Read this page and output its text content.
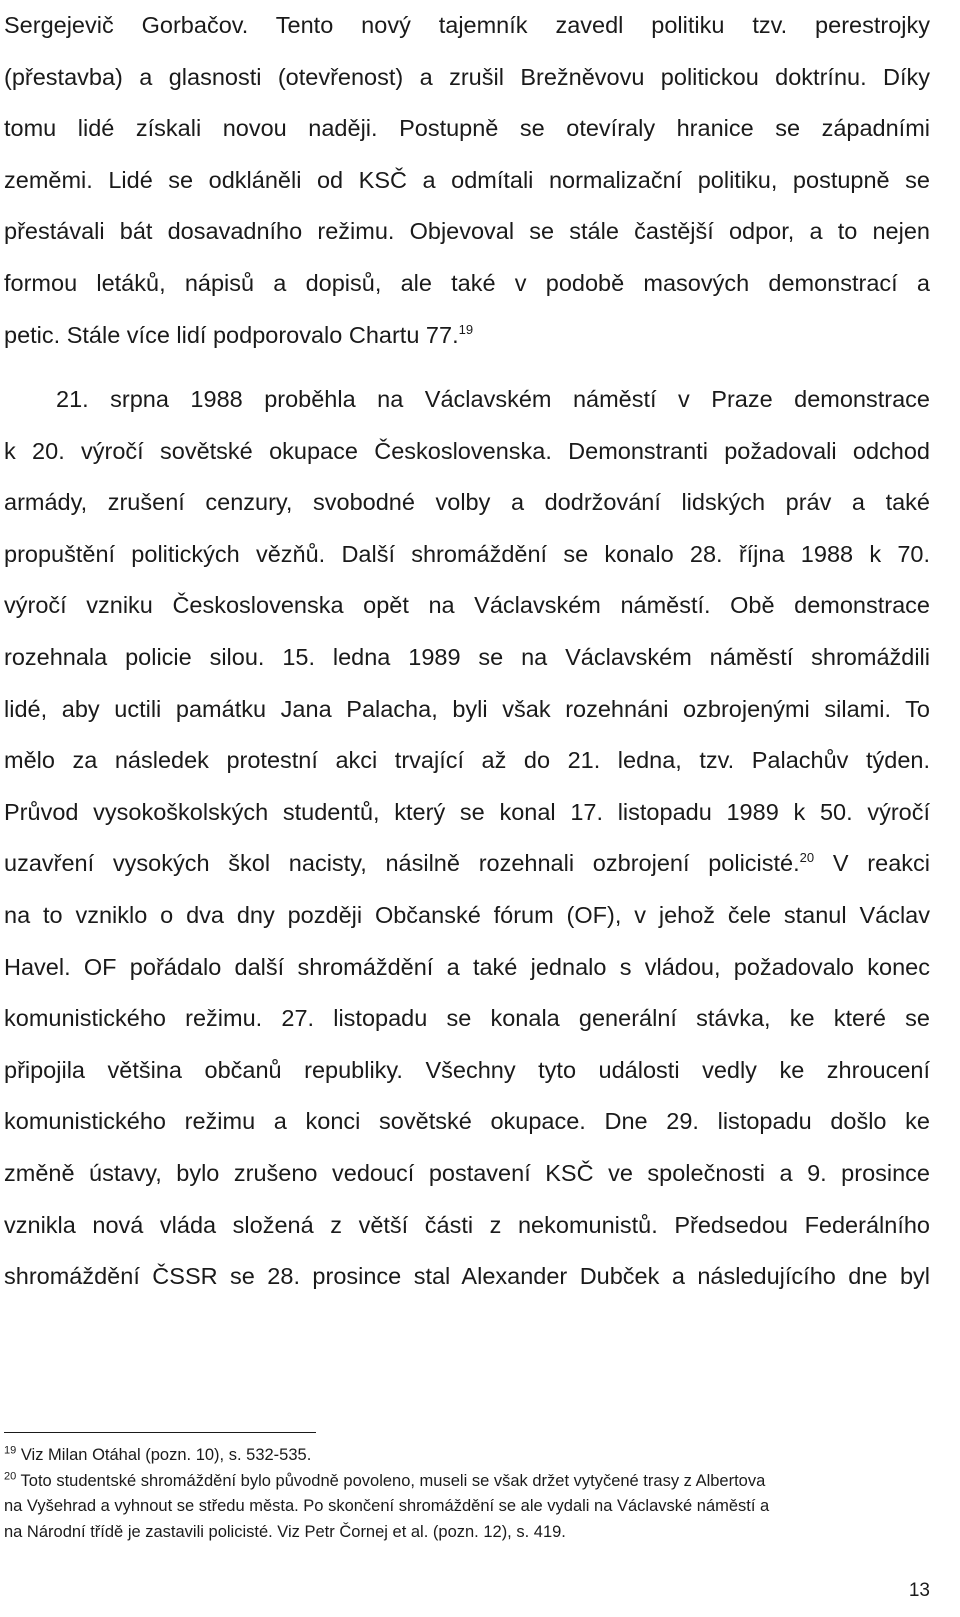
Sergejevič Gorbačov. Tento nový tajemník zavedl politiku tzv. perestrojky
(přestavba) a glasnosti (otevřenost) a zrušil Brežněvovu politickou doktrínu. Díky
tomu lidé získali novou naději. Postupně se otevíraly hranice se západními
zeměmi. Lidé se odkláněli od KSČ a odmítali normalizační politiku, postupně se
přestávali bát dosavadního režimu. Objevoval se stále častější odpor, a to nejen
formou letáků, nápisů a dopisů, ale také v podobě masových demonstrací a
petic. Stále více lidí podporovalo Chartu 77.19
21. srpna 1988 proběhla na Václavském náměstí v Praze demonstrace
k 20. výročí sovětské okupace Československa. Demonstranti požadovali odchod
armády, zrušení cenzury, svobodné volby a dodržování lidských práv a také
propuštění politických vězňů. Další shromáždění se konalo 28. října 1988 k 70.
výročí vzniku Československa opět na Václavském náměstí. Obě demonstrace
rozehnala policie silou. 15. ledna 1989 se na Václavském náměstí shromáždili
lidé, aby uctili památku Jana Palacha, byli však rozehnáni ozbrojenými silami. To
mělo za následek protestní akci trvající až do 21. ledna, tzv. Palachův týden.
Průvod vysokoškolských studentů, který se konal 17. listopadu 1989 k 50. výročí
uzavření vysokých škol nacisty, násilně rozehnali ozbrojení policisté.$^{20}$ V reakci
na to vzniklo o dva dny později Občanské fórum (OF), v jehož čele stanul Václav
Havel. OF pořádalo další shromáždění a také jednalo s vládou, požadovalo konec
komunistického režimu. 27. listopadu se konala generální stávka, ke které se
připojila většina občanů republiky. Všechny tyto události vedly ke zhroucení
komunistického režimu a konci sovětské okupace. Dne 29. listopadu došlo ke
změně ústavy, bylo zrušeno vedoucí postavení KSČ ve společnosti a 9. prosince
vznikla nová vláda složená z větší části z nekomunistů. Předsedou Federálního
shromáždění ČSSR se 28. prosince stal Alexander Dubček a následujícího dne byl
$^{19}$ Viz Milan Otáhal (pozn. 10), s. 532-535.
$^{20}$ Toto studentské shromáždění bylo původně povoleno, museli se však držet vytyčené trasy z Albertova
na Vyšehrad a vyhnout se středu města. Po skončení shromáždění se ale vydali na Václavské náměstí a
na Národní třídě je zastavili policisté. Viz Petr Čornej et al. (pozn. 12), s. 419.
13
